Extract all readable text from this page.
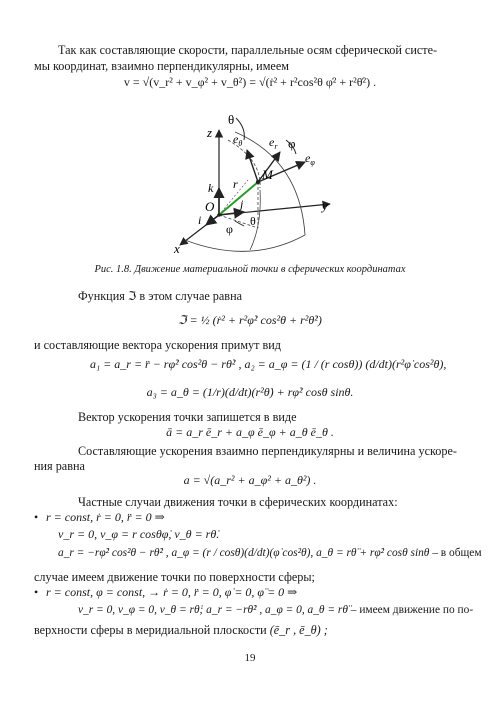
Так как составляющие скорости, параллельные осям сферической систе-
мы координат, взаимно перпендикулярны, имеем
v = √(v_r² + v_φ² + v_θ²) = √(ṙ² + r²cos²θ φ̇² + r²θ̇²) .
z
θ
$e_\theta$ $e_r$ φ
$e_\varphi$
M
k r
O j	y
θ
i
φ
x
Рис. 1.8. Движение материальной точки в сферических координатах
Функция ℑ в этом случае равна
ℑ = ½ (ṙ² + r²φ̇² cos²θ + r²θ̇²)
и составляющие вектора ускорения примут вид
a₁ = a_r = r̈ − rφ̇² cos²θ − rθ̇² , a₂ = a_φ = (1 / (r cosθ)) (d/dt)(r²φ̇ cos²θ),
a₃ = a_θ = (1/r)(d/dt)(r²θ̇) + rφ̇² cosθ sinθ.
Вектор ускорения точки запишется в виде
ā = a_r ē_r + a_φ ē_φ + a_θ ē_θ .
Составляющие ускорения взаимно перпендикулярны и величина ускоре-
ния равна
a = √(a_r² + a_φ² + a_θ²) .
Частные случаи движения точки в сферических координатах:
• r = const, ṙ = 0, r̈ = 0 ⇒
v_r = 0, v_φ = r cosθφ̇, v_θ = rθ̇.
a_r = −rφ̇² cos²θ − rθ̇² , a_φ = (r / cosθ)(d/dt)(φ̇ cos²θ), a_θ = rθ̈ + rφ̇² cosθ sinθ – в общем
случае имеем движение точки по поверхности сферы;
• r = const, φ = const, → ṙ = 0, r̈ = 0, φ̇ = 0, φ̈ = 0 ⇒
v_r = 0, v_φ = 0, v_θ = rθ̇; a_r = −rθ̇² , a_φ = 0, a_θ = rθ̈ – имеем движение по по-
верхности сферы в меридиальной плоскости (ē_r , ē_θ) ;
19
